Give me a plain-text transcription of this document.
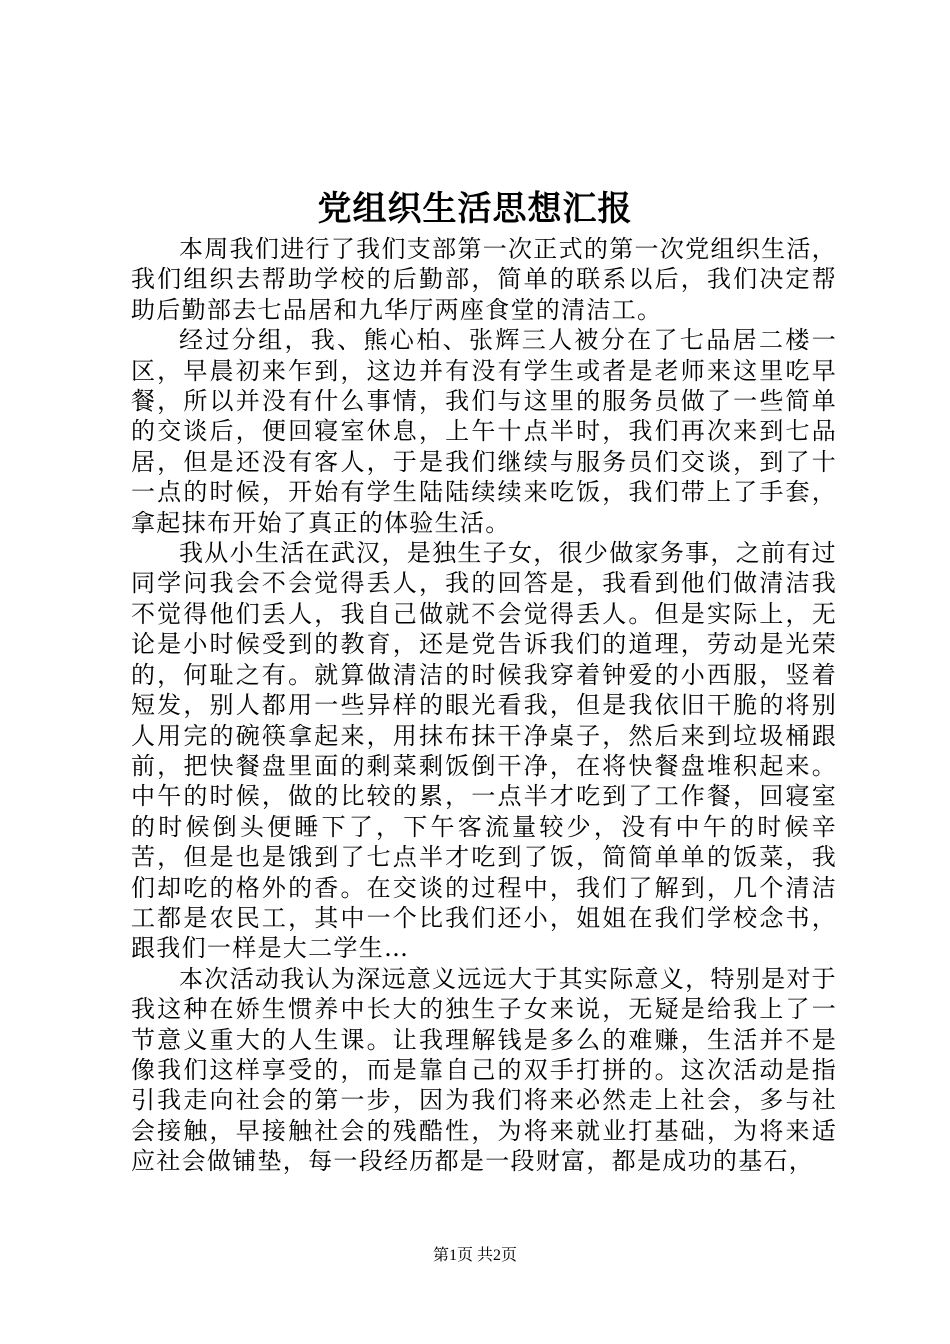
党组织生活思想汇报

本周我们进行了我们支部第一次正式的第一次党组织生活，我们组织去帮助学校的后勤部，简单的联系以后，我们决定帮助后勤部去七品居和九华厅两座食堂的清洁工。

经过分组，我、熊心柏、张辉三人被分在了七品居二楼一区，早晨初来乍到，这边并有没有学生或者是老师来这里吃早餐，所以并没有什么事情，我们与这里的服务员做了一些简单的交谈后，便回寝室休息，上午十点半时，我们再次来到七品居，但是还没有客人，于是我们继续与服务员们交谈，到了十一点的时候，开始有学生陆陆续续来吃饭，我们带上了手套，拿起抹布开始了真正的体验生活。

我从小生活在武汉，是独生子女，很少做家务事，之前有过同学问我会不会觉得丢人，我的回答是，我看到他们做清洁我不觉得他们丢人，我自己做就不会觉得丢人。但是实际上，无论是小时候受到的教育，还是党告诉我们的道理，劳动是光荣的，何耻之有。就算做清洁的时候我穿着钟爱的小西服，竖着短发，别人都用一些异样的眼光看我，但是我依旧干脆的将别人用完的碗筷拿起来，用抹布抹干净桌子，然后来到垃圾桶跟前，把快餐盘里面的剩菜剩饭倒干净，在将快餐盘堆积起来。中午的时候，做的比较的累，一点半才吃到了工作餐，回寝室的时候倒头便睡下了，下午客流量较少，没有中午的时候辛苦，但是也是饿到了七点半才吃到了饭，简简单单的饭菜，我们却吃的格外的香。在交谈的过程中，我们了解到，几个清洁工都是农民工，其中一个比我们还小，姐姐在我们学校念书，跟我们一样是大二学生…

本次活动我认为深远意义远远大于其实际意义，特别是对于我这种在娇生惯养中长大的独生子女来说，无疑是给我上了一节意义重大的人生课。让我理解钱是多么的难赚，生活并不是像我们这样享受的，而是靠自己的双手打拼的。这次活动是指引我走向社会的第一步，因为我们将来必然走上社会，多与社会接触，早接触社会的残酷性，为将来就业打基础，为将来适应社会做铺垫，每一段经历都是一段财富，都是成功的基石，

第1页 共2页
